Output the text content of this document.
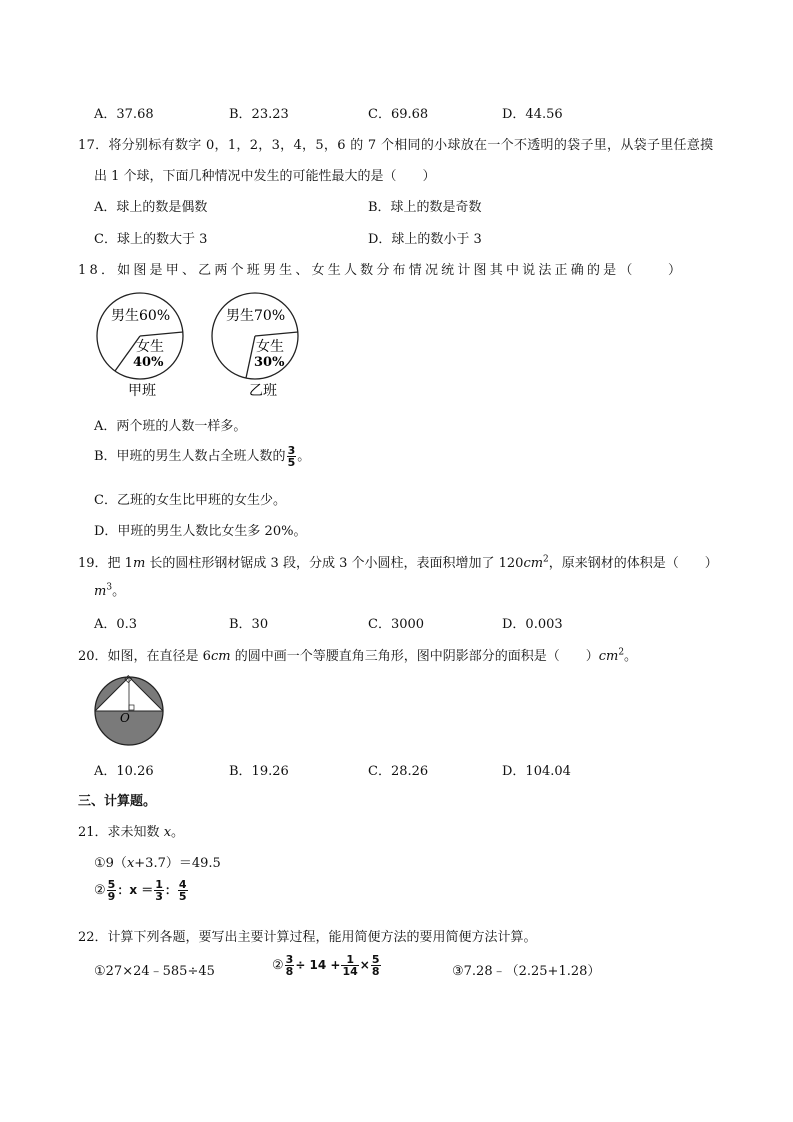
A．37.68	B．23.23	C．69.68	D．44.56
17．将分别标有数字 0，1，2，3，4，5，6 的 7 个相同的小球放在一个不透明的袋子里，从袋子里任意摸
出 1 个球，下面几种情况中发生的可能性最大的是（　　）
A．球上的数是偶数	B．球上的数是奇数
C．球上的数大于 3	D．球上的数小于 3
18．如图是甲、乙两个班男生、女生人数分布情况统计图其中说法正确的是（　　）
男生60%
女生
40%
甲班
男生70%
女生
30%
乙班
A．两个班的人数一样多。
B．甲班的男生人数占全班人数的 $\frac{3}{5}$ 。
C．乙班的女生比甲班的女生少。
D．甲班的男生人数比女生多 20%。
19．把 1m 长的圆柱形钢材锯成 3 段，分成 3 个小圆柱，表面积增加了 $120cm^2$，原来钢材的体积是（　　）
$m^3$。
A．0.3	B．30	C．3000	D．0.003
20．如图，在直径是 6cm 的圆中画一个等腰直角三角形，图中阴影部分的面积是（　　）$cm^2$。
O
A．10.26	B．19.26	C．28.26	D．104.04
三、计算题。
21．求未知数 x。
①9（x+3.7）＝49.5
② $\frac{5}{9}$ ：$x = \frac{1}{3}$ ： $\frac{4}{5}$
22．计算下列各题，要写出主要计算过程，能用简便方法的要用简便方法计算。
①27×24﹣585÷45	② $\frac{3}{8} \div 14 + \frac{1}{14} \times \frac{5}{8}$	③7.28﹣（2.25+1.28）
